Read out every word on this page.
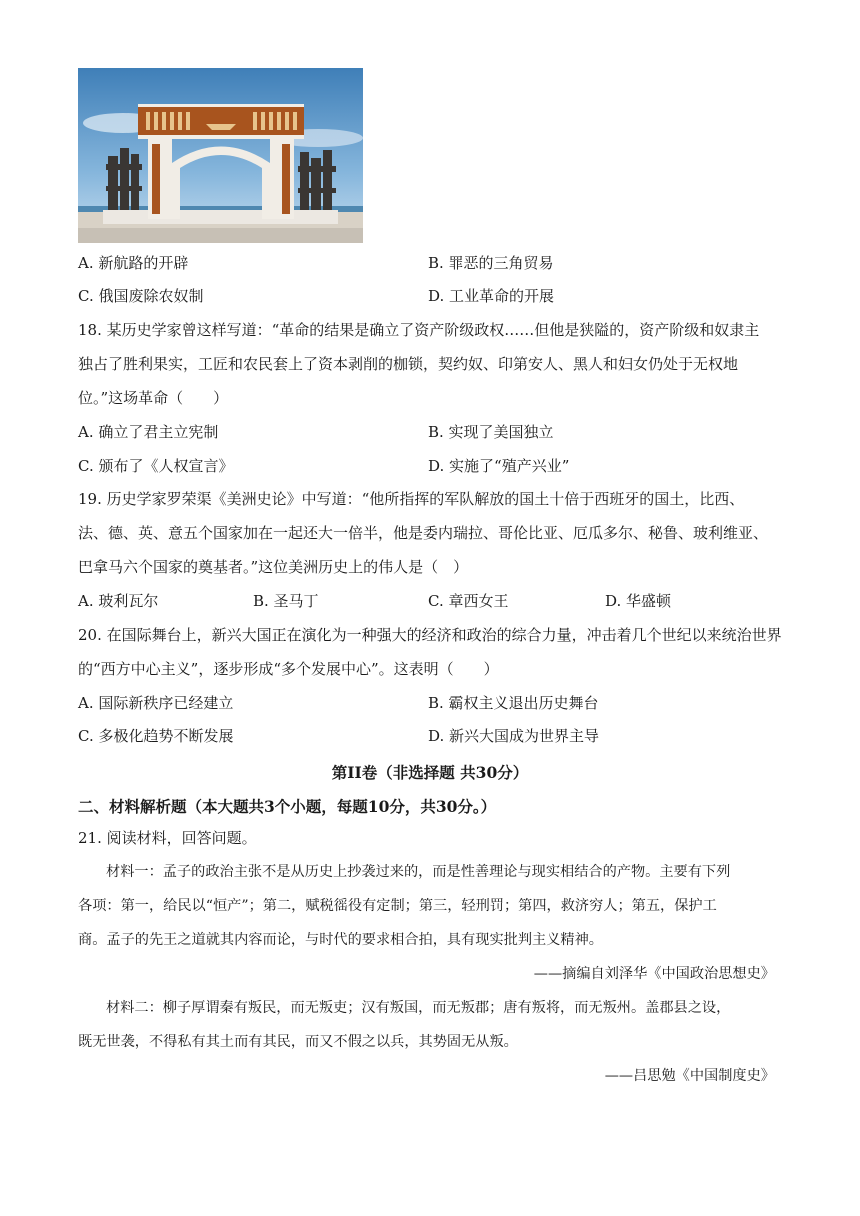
A. 新航路的开辟	B. 罪恶的三角贸易
C. 俄国废除农奴制	D. 工业革命的开展
18. 某历史学家曾这样写道：“革命的结果是确立了资产阶级政权……但他是狭隘的，资产阶级和奴隶主
独占了胜利果实，工匠和农民套上了资本剥削的枷锁，契约奴、印第安人、黑人和妇女仍处于无权地
位。”这场革命（　　）
A. 确立了君主立宪制	B. 实现了美国独立
C. 颁布了《人权宣言》	D. 实施了“殖产兴业”
19. 历史学家罗荣渠《美洲史论》中写道：“他所指挥的军队解放的国土十倍于西班牙的国土，比西、
法、德、英、意五个国家加在一起还大一倍半，他是委内瑞拉、哥伦比亚、厄瓜多尔、秘鲁、玻利维亚、
巴拿马六个国家的奠基者。”这位美洲历史上的伟人是（　）
A. 玻利瓦尔	B. 圣马丁	C. 章西女王	D. 华盛顿
20. 在国际舞台上，新兴大国正在演化为一种强大的经济和政治的综合力量，冲击着几个世纪以来统治世界
的“西方中心主义”，逐步形成“多个发展中心”。这表明（　　）
A. 国际新秩序已经建立	B. 霸权主义退出历史舞台
C. 多极化趋势不断发展	D. 新兴大国成为世界主导
第II卷（非选择题 共30分）
二、材料解析题（本大题共3个小题，每题10分，共30分。）
21. 阅读材料，回答问题。
材料一：孟子的政治主张不是从历史上抄袭过来的，而是性善理论与现实相结合的产物。主要有下列
各项：第一，给民以“恒产”；第二，赋税徭役有定制；第三，轻刑罚；第四，救济穷人；第五，保护工
商。孟子的先王之道就其内容而论，与时代的要求相合拍，具有现实批判主义精神。
——摘编自刘泽华《中国政治思想史》
材料二：柳子厚谓秦有叛民，而无叛吏；汉有叛国，而无叛郡；唐有叛将，而无叛州。盖郡县之设，
既无世袭，不得私有其土而有其民，而又不假之以兵，其势固无从叛。
——吕思勉《中国制度史》
